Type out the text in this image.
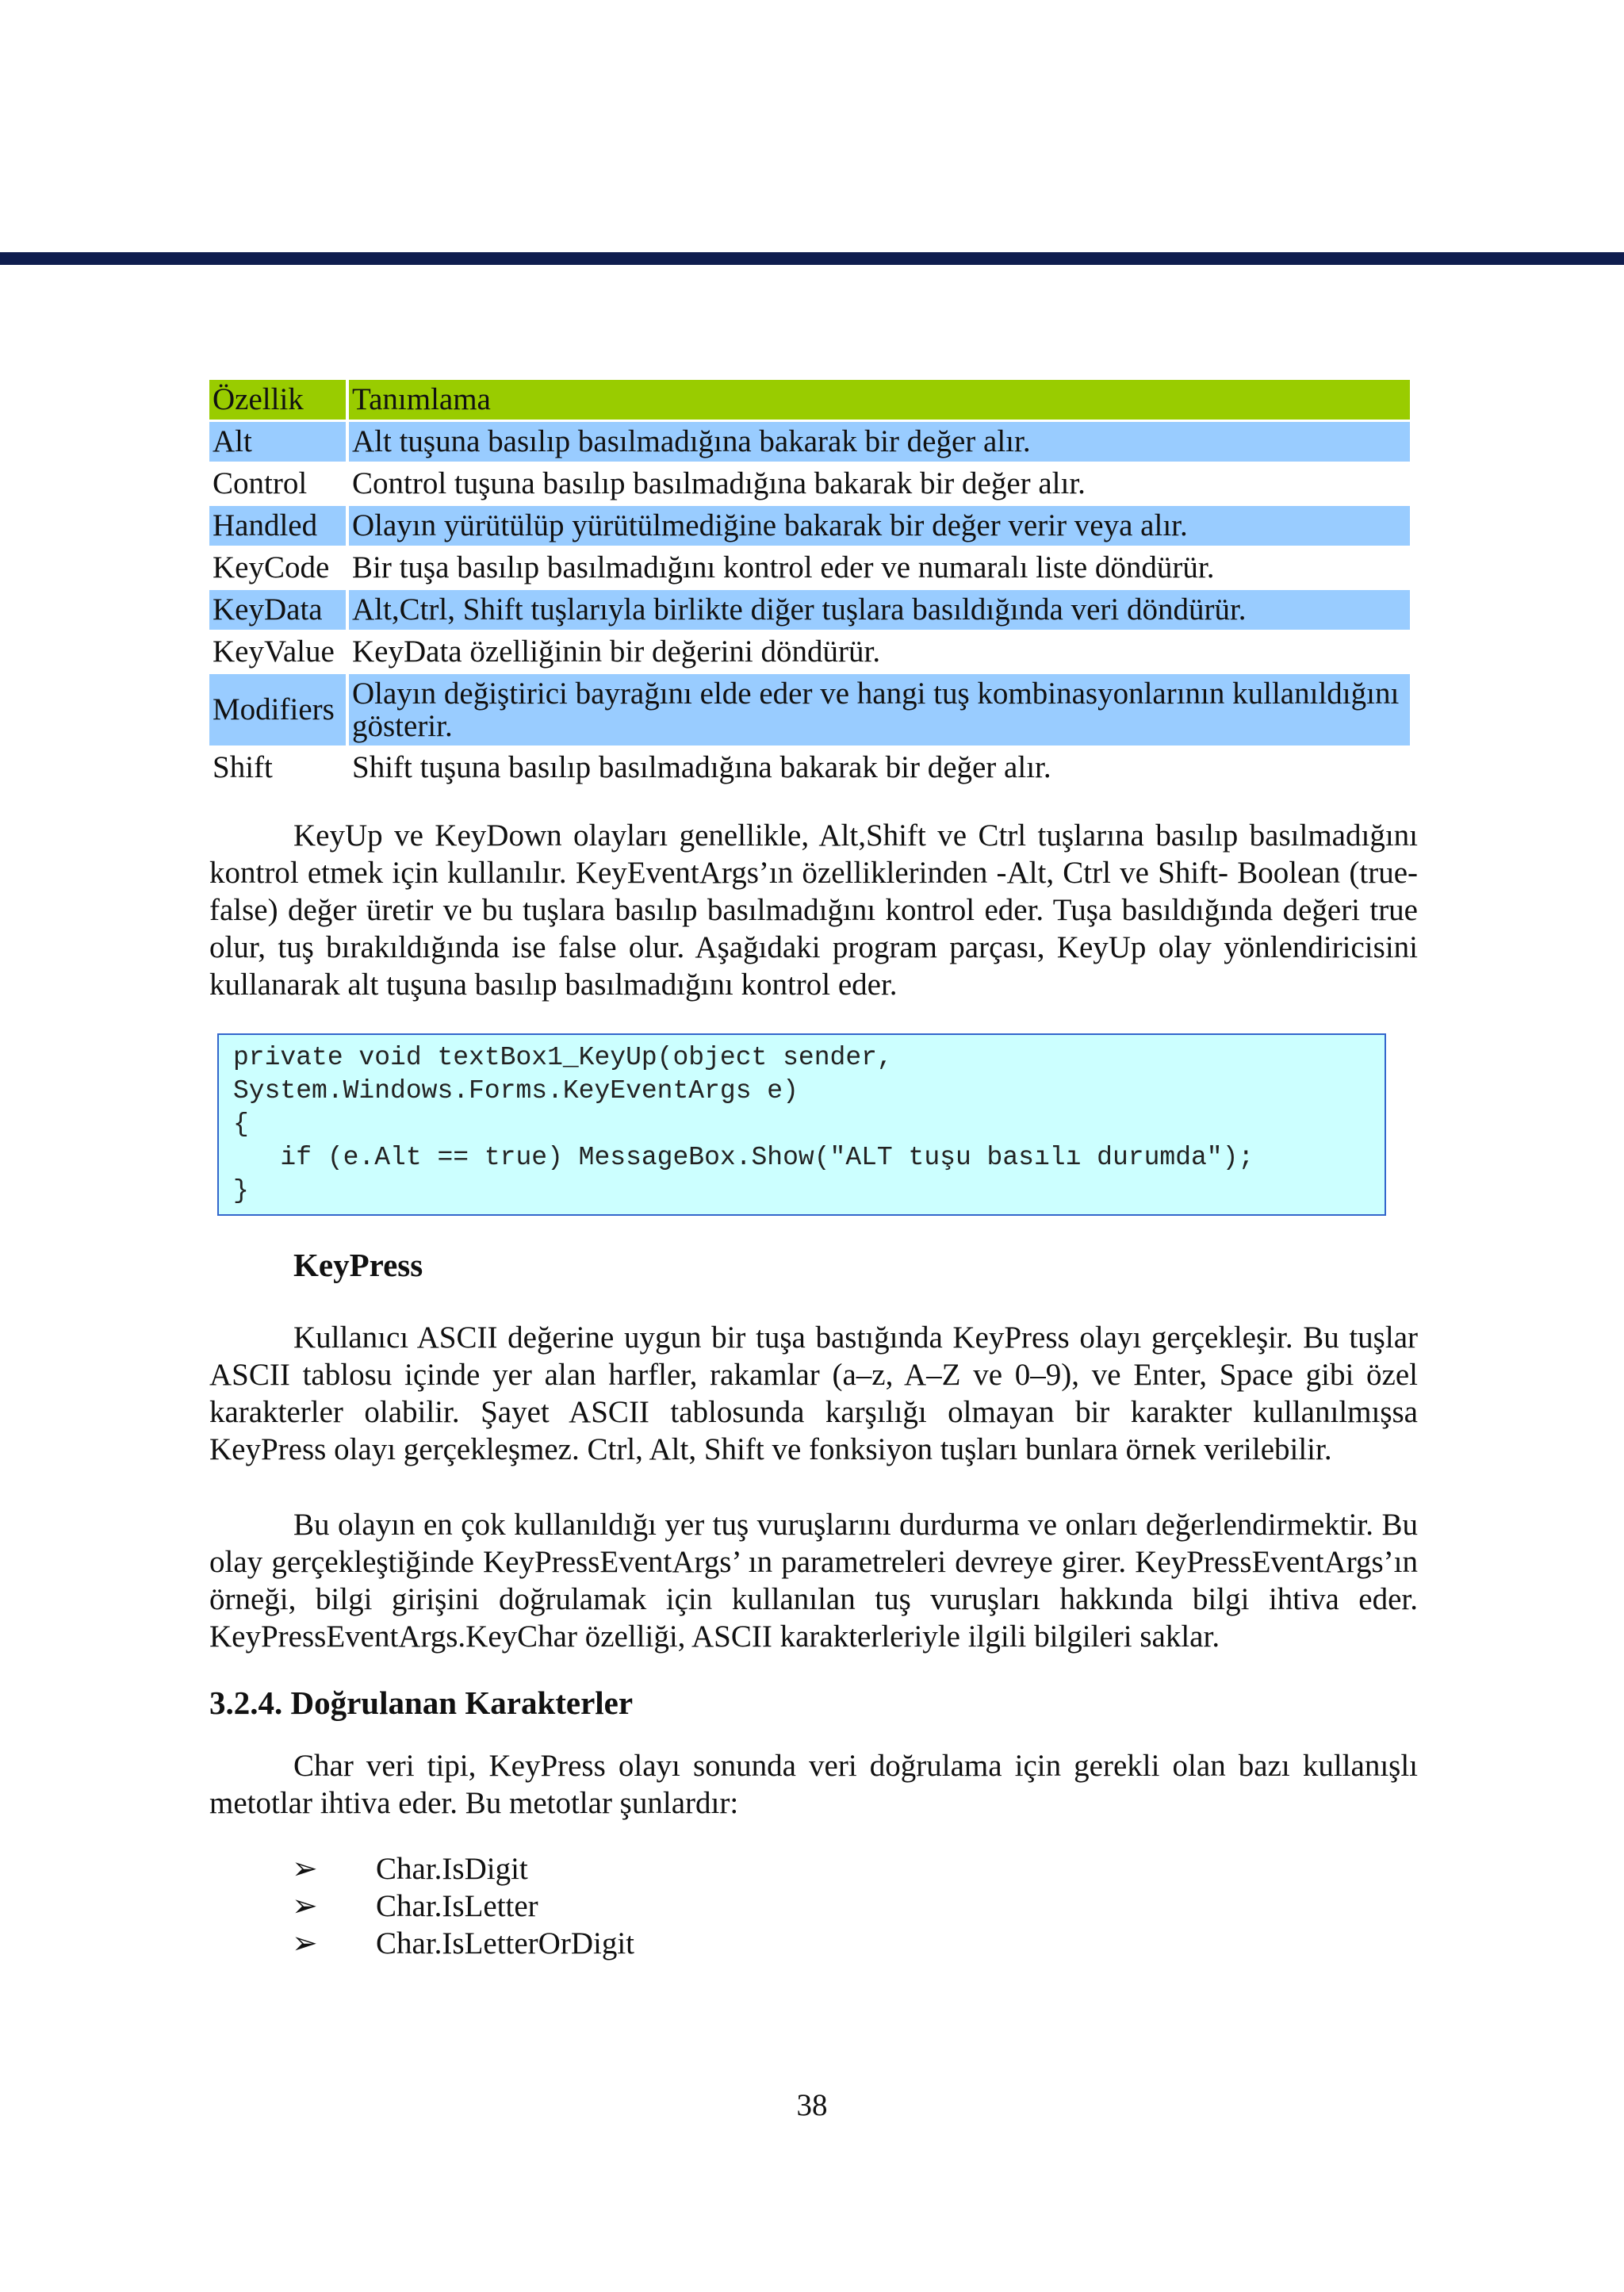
Özellik	Tanımlama
Alt	Alt tuşuna basılıp basılmadığına bakarak bir değer alır.
Control	Control tuşuna basılıp basılmadığına bakarak bir değer alır.
Handled	Olayın yürütülüp yürütülmediğine bakarak bir değer verir veya alır.
KeyCode	Bir tuşa basılıp basılmadığını kontrol eder ve numaralı liste döndürür.
KeyData	Alt,Ctrl, Shift tuşlarıyla birlikte diğer tuşlara basıldığında veri döndürür.
KeyValue	KeyData özelliğinin bir değerini döndürür.
Modifiers	Olayın değiştirici bayrağını elde eder ve hangi tuş kombinasyonlarının kullanıldığını gösterir.
Shift	Shift tuşuna basılıp basılmadığına bakarak bir değer alır.

KeyUp ve KeyDown olayları genellikle, Alt,Shift ve Ctrl tuşlarına basılıp basılmadığını kontrol etmek için kullanılır. KeyEventArgs’ın özelliklerinden -Alt, Ctrl ve Shift- Boolean (true-false) değer üretir ve bu tuşlara basılıp basılmadığını kontrol eder. Tuşa basıldığında değeri true olur, tuş bırakıldığında ise false olur. Aşağıdaki program parçası, KeyUp olay yönlendiricisini kullanarak alt tuşuna basılıp basılmadığını kontrol eder.

private void textBox1_KeyUp(object sender,
System.Windows.Forms.KeyEventArgs e)
{
if (e.Alt == true) MessageBox.Show("ALT tuşu basılı durumda");
}
KeyPress

Kullanıcı ASCII değerine uygun bir tuşa bastığında KeyPress olayı gerçekleşir. Bu tuşlar ASCII tablosu içinde yer alan harfler, rakamlar (a–z, A–Z ve 0–9), ve Enter, Space gibi özel karakterler olabilir. Şayet ASCII tablosunda karşılığı olmayan bir karakter kullanılmışsa KeyPress olayı gerçekleşmez. Ctrl, Alt, Shift ve fonksiyon tuşları bunlara örnek verilebilir.

Bu olayın en çok kullanıldığı yer tuş vuruşlarını durdurma ve onları değerlendirmektir. Bu olay gerçekleştiğinde KeyPressEventArgs’ ın parametreleri devreye girer. KeyPressEventArgs’ın örneği, bilgi girişini doğrulamak için kullanılan tuş vuruşları hakkında bilgi ihtiva eder. KeyPressEventArgs.KeyChar özelliği, ASCII karakterleriyle ilgili bilgileri saklar.

3.2.4. Doğrulanan Karakterler

Char veri tipi, KeyPress olayı sonunda veri doğrulama için gerekli olan bazı kullanışlı metotlar ihtiva eder. Bu metotlar şunlardır:

➢	Char.IsDigit
➢	Char.IsLetter
➢	Char.IsLetterOrDigit
38
